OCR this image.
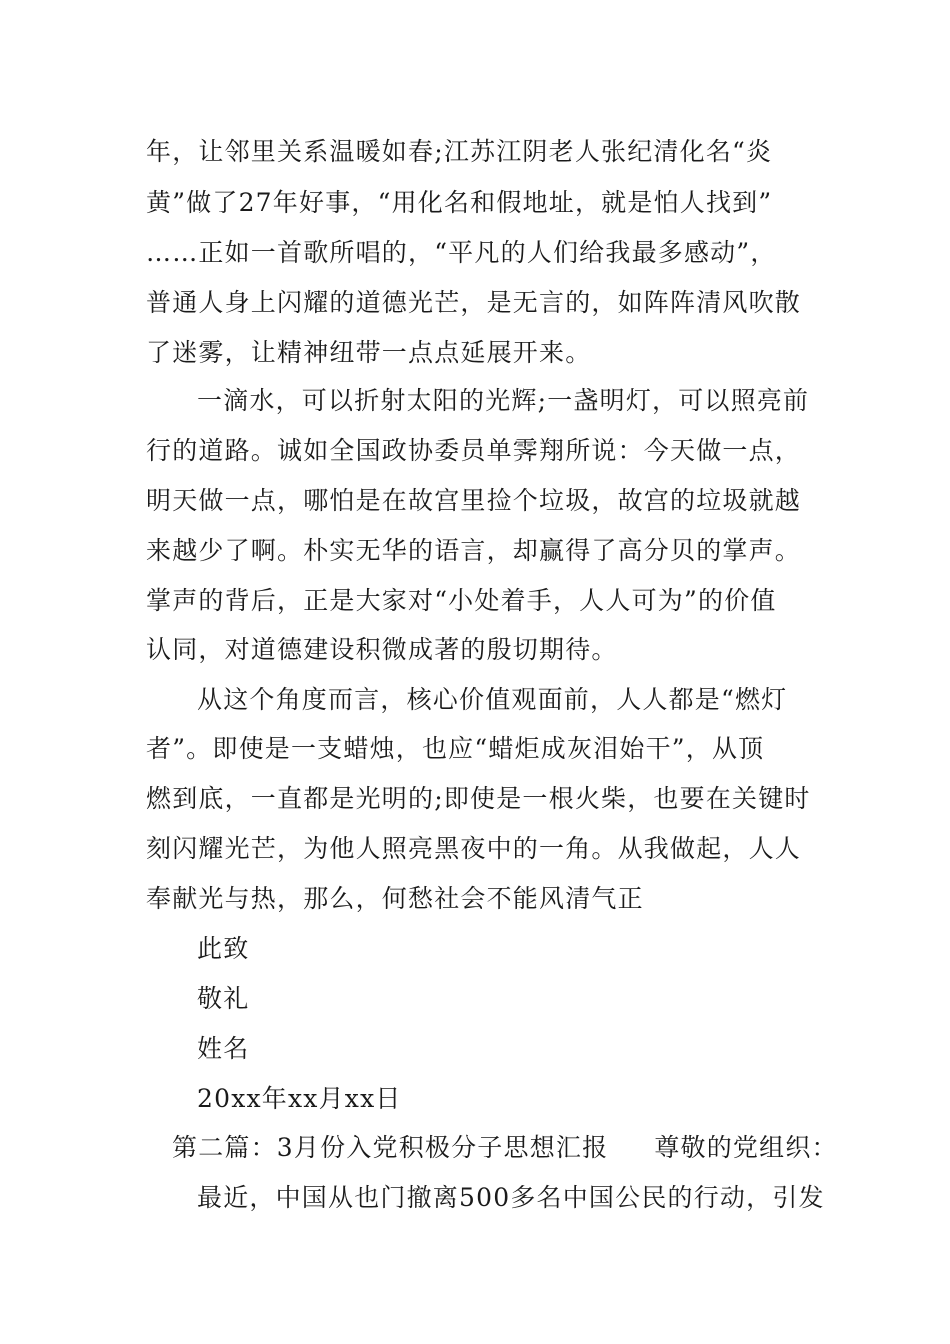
年，让邻里关系温暖如春;江苏江阴老人张纪清化名“炎
黄”做了27年好事，“用化名和假地址，就是怕人找到”
……正如一首歌所唱的，“平凡的人们给我最多感动”，
普通人身上闪耀的道德光芒，是无言的，如阵阵清风吹散
了迷雾，让精神纽带一点点延展开来。
一滴水，可以折射太阳的光辉;一盏明灯，可以照亮前
行的道路。诚如全国政协委员单霁翔所说：今天做一点，
明天做一点，哪怕是在故宫里捡个垃圾，故宫的垃圾就越
来越少了啊。朴实无华的语言，却赢得了高分贝的掌声。
掌声的背后，正是大家对“小处着手，人人可为”的价值
认同，对道德建设积微成著的殷切期待。
从这个角度而言，核心价值观面前，人人都是“燃灯
者”。即使是一支蜡烛，也应“蜡炬成灰泪始干”，从顶
燃到底，一直都是光明的;即使是一根火柴，也要在关键时
刻闪耀光芒，为他人照亮黑夜中的一角。从我做起，人人
奉献光与热，那么，何愁社会不能风清气正
此致
敬礼
姓名
20xx年xx月xx日
第二篇：3月份入党积极分子思想汇报 尊敬的党组织：
最近，中国从也门撤离500多名中国公民的行动，引发
